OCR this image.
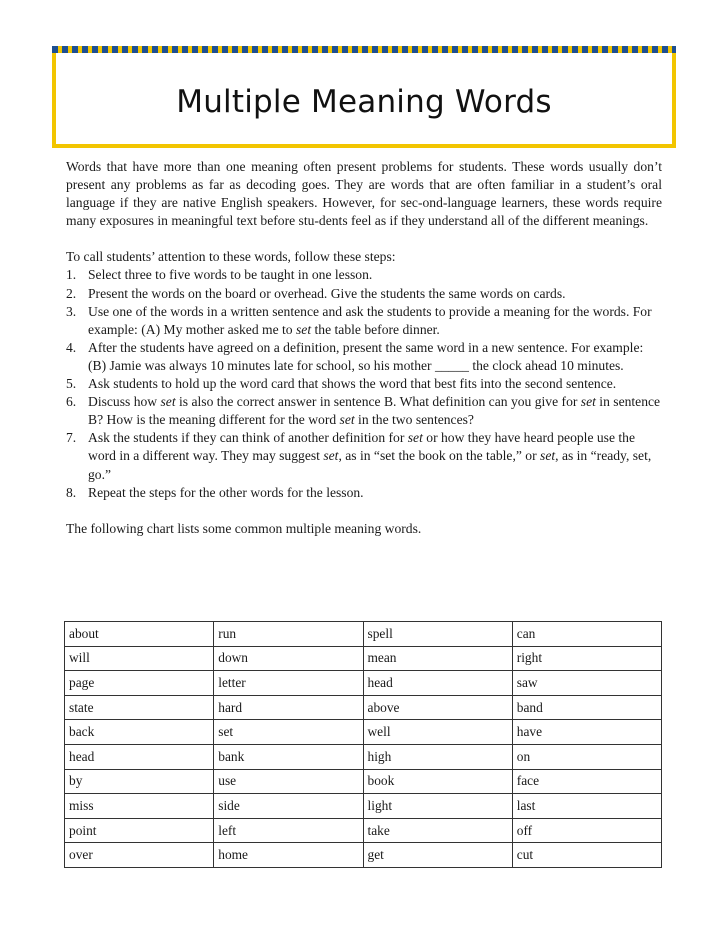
Multiple Meaning Words

Words that have more than one meaning often present problems for students. These words usually don’t present any problems as far as decoding goes. They are words that are often familiar in a student’s oral language if they are native English speakers. However, for sec-ond-language learners, these words require many exposures in meaningful text before stu-dents feel as if they understand all of the different meanings.

To call students’ attention to these words, follow these steps:

1. Select three to five words to be taught in one lesson.
2. Present the words on the board or overhead. Give the students the same words on cards.
3. Use one of the words in a written sentence and ask the students to provide a meaning for the words. For example: (A) My mother asked me to set the table before dinner.
4. After the students have agreed on a definition, present the same word in a new sentence. For example: (B) Jamie was always 10 minutes late for school, so his mother _____ the clock ahead 10 minutes.
5. Ask students to hold up the word card that shows the word that best fits into the second sentence.
6. Discuss how set is also the correct answer in sentence B. What definition can you give for set in sentence B? How is the meaning different for the word set in the two sentences?
7. Ask the students if they can think of another definition for set or how they have heard people use the word in a different way. They may suggest set, as in “set the book on the table,” or set, as in “ready, set, go.”
8. Repeat the steps for the other words for the lesson.

The following chart lists some common multiple meaning words.

about	run	spell	can
will	down	mean	right
page	letter	head	saw
state	hard	above	band
back	set	well	have
head	bank	high	on
by	use	book	face
miss	side	light	last
point	left	take	off
over	home	get	cut
